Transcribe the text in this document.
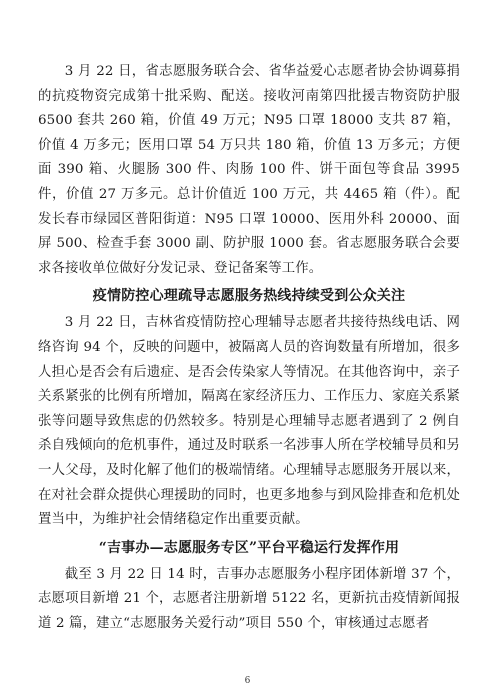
3 月 22 日，省志愿服务联合会、省华益爱心志愿者协会协调募捐的抗疫物资完成第十批采购、配送。接收河南第四批援吉物资防护服 6500 套共 260 箱，价值 49 万元；N95 口罩 18000 支共 87 箱，价值 4 万多元；医用口罩 54 万只共 180 箱，价值 13 万多元；方便面 390 箱、火腿肠 300 件、肉肠 100 件、饼干面包等食品 3995 件，价值 27 万多元。总计价值近 100 万元，共 4465 箱（件）。配发长春市绿园区普阳街道：N95 口罩 10000、医用外科 20000、面屏 500、检查手套 3000 副、防护服 1000 套。省志愿服务联合会要求各接收单位做好分发记录、登记备案等工作。

疫情防控心理疏导志愿服务热线持续受到公众关注

3 月 22 日，吉林省疫情防控心理辅导志愿者共接待热线电话、网络咨询 94 个，反映的问题中，被隔离人员的咨询数量有所增加，很多人担心是否会有后遗症、是否会传染家人等情况。在其他咨询中，亲子关系紧张的比例有所增加，隔离在家经济压力、工作压力、家庭关系紧张等问题导致焦虑的仍然较多。特别是心理辅导志愿者遇到了 2 例自杀自残倾向的危机事件，通过及时联系一名涉事人所在学校辅导员和另一人父母，及时化解了他们的极端情绪。心理辅导志愿服务开展以来，在对社会群众提供心理援助的同时，也更多地参与到风险排查和危机处置当中，为维护社会情绪稳定作出重要贡献。

“吉事办—志愿服务专区”平台平稳运行发挥作用

截至 3 月 22 日 14 时，吉事办志愿服务小程序团体新增 37 个，志愿项目新增 21 个，志愿者注册新增 5122 名，更新抗击疫情新闻报道 2 篇，建立“志愿服务关爱行动”项目 550 个，审核通过志愿者

6
